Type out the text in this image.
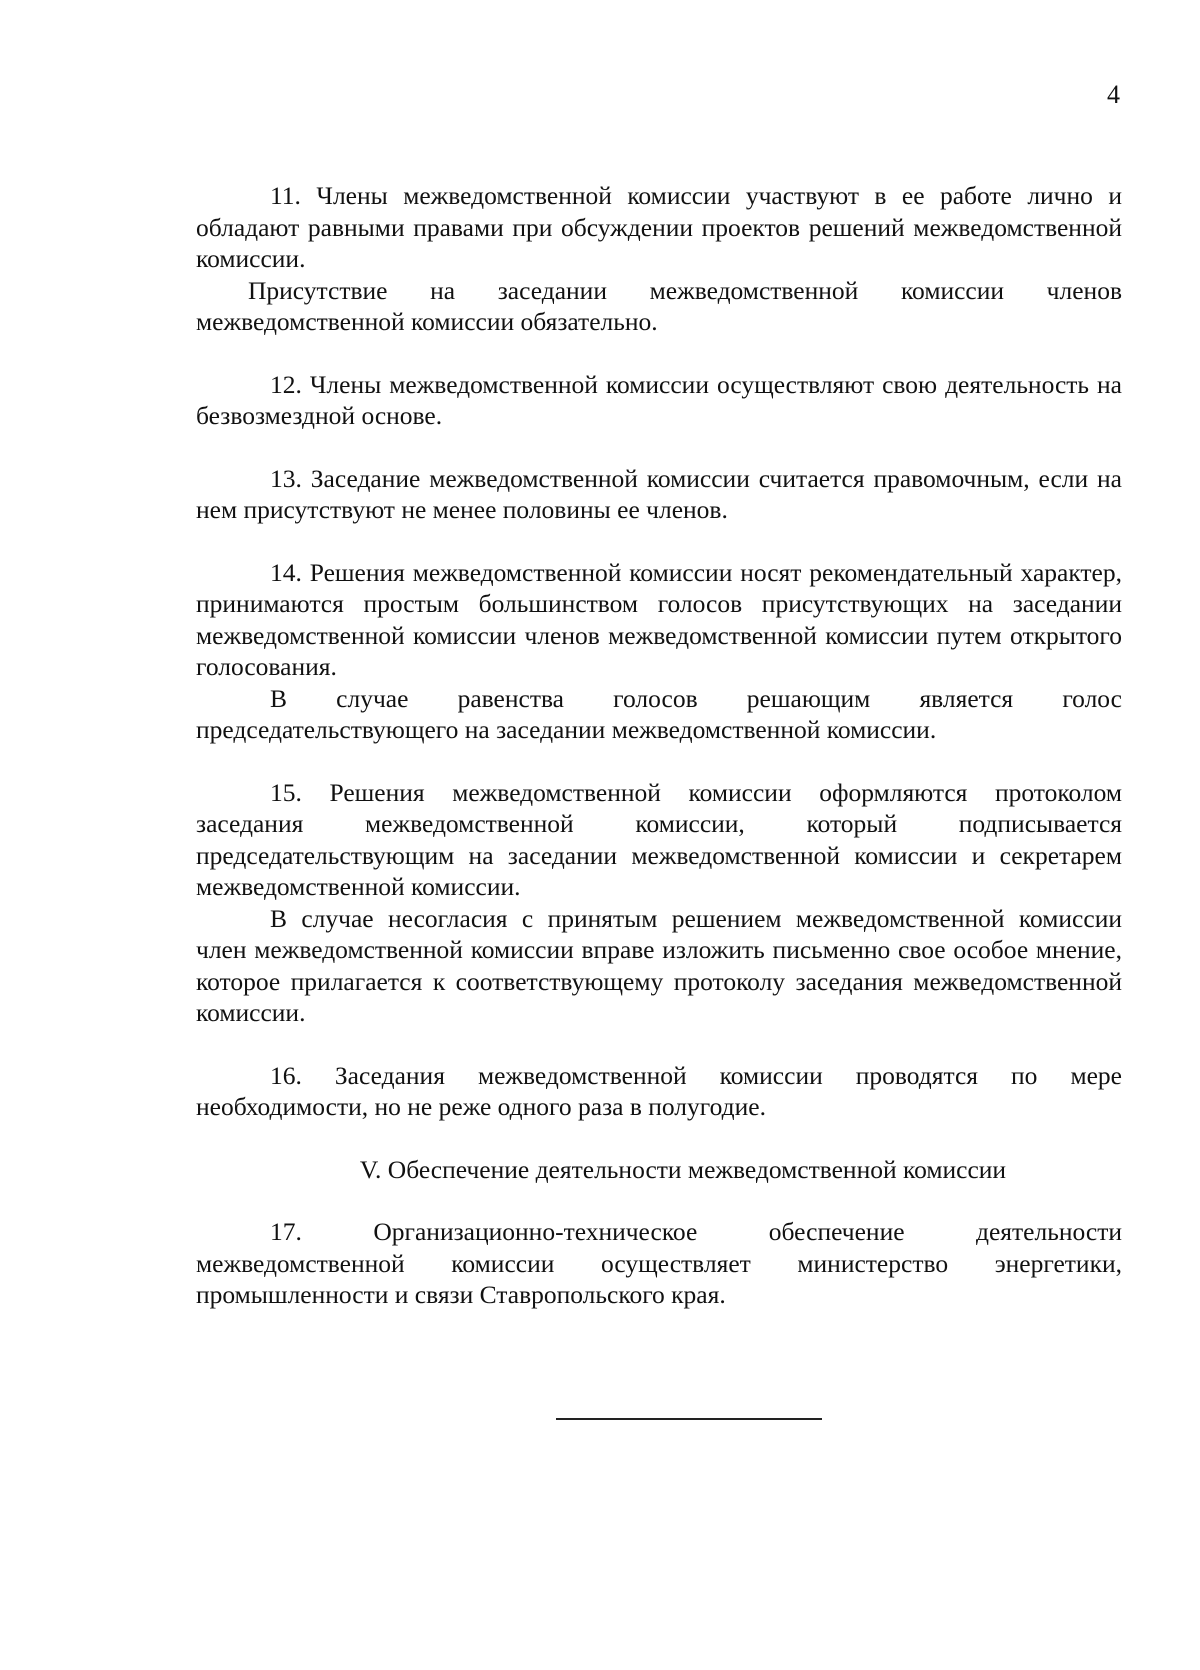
4

11. Члены межведомственной комиссии участвуют в ее работе лично и обладают равными правами при обсуждении проектов решений межведомственной комиссии.

Присутствие на заседании межведомственной комиссии членов межведомственной комиссии обязательно.

12. Члены межведомственной комиссии осуществляют свою деятельность на безвозмездной основе.

13. Заседание межведомственной комиссии считается правомочным, если на нем присутствуют не менее половины ее членов.

14. Решения межведомственной комиссии носят рекомендательный характер, принимаются простым большинством голосов присутствующих на заседании межведомственной комиссии членов межведомственной комиссии путем открытого голосования.

В случае равенства голосов решающим является голос председательствующего на заседании межведомственной комиссии.

15. Решения межведомственной комиссии оформляются протоколом заседания межведомственной комиссии, который подписывается председательствующим на заседании межведомственной комиссии и секретарем межведомственной комиссии.

В случае несогласия с принятым решением межведомственной комиссии член межведомственной комиссии вправе изложить письменно свое особое мнение, которое прилагается к соответствующему протоколу заседания межведомственной комиссии.

16. Заседания межведомственной комиссии проводятся по мере необходимости, но не реже одного раза в полугодие.

V. Обеспечение деятельности межведомственной комиссии

17. Организационно-техническое обеспечение деятельности межведомственной комиссии осуществляет министерство энергетики, промышленности и связи Ставропольского края.
